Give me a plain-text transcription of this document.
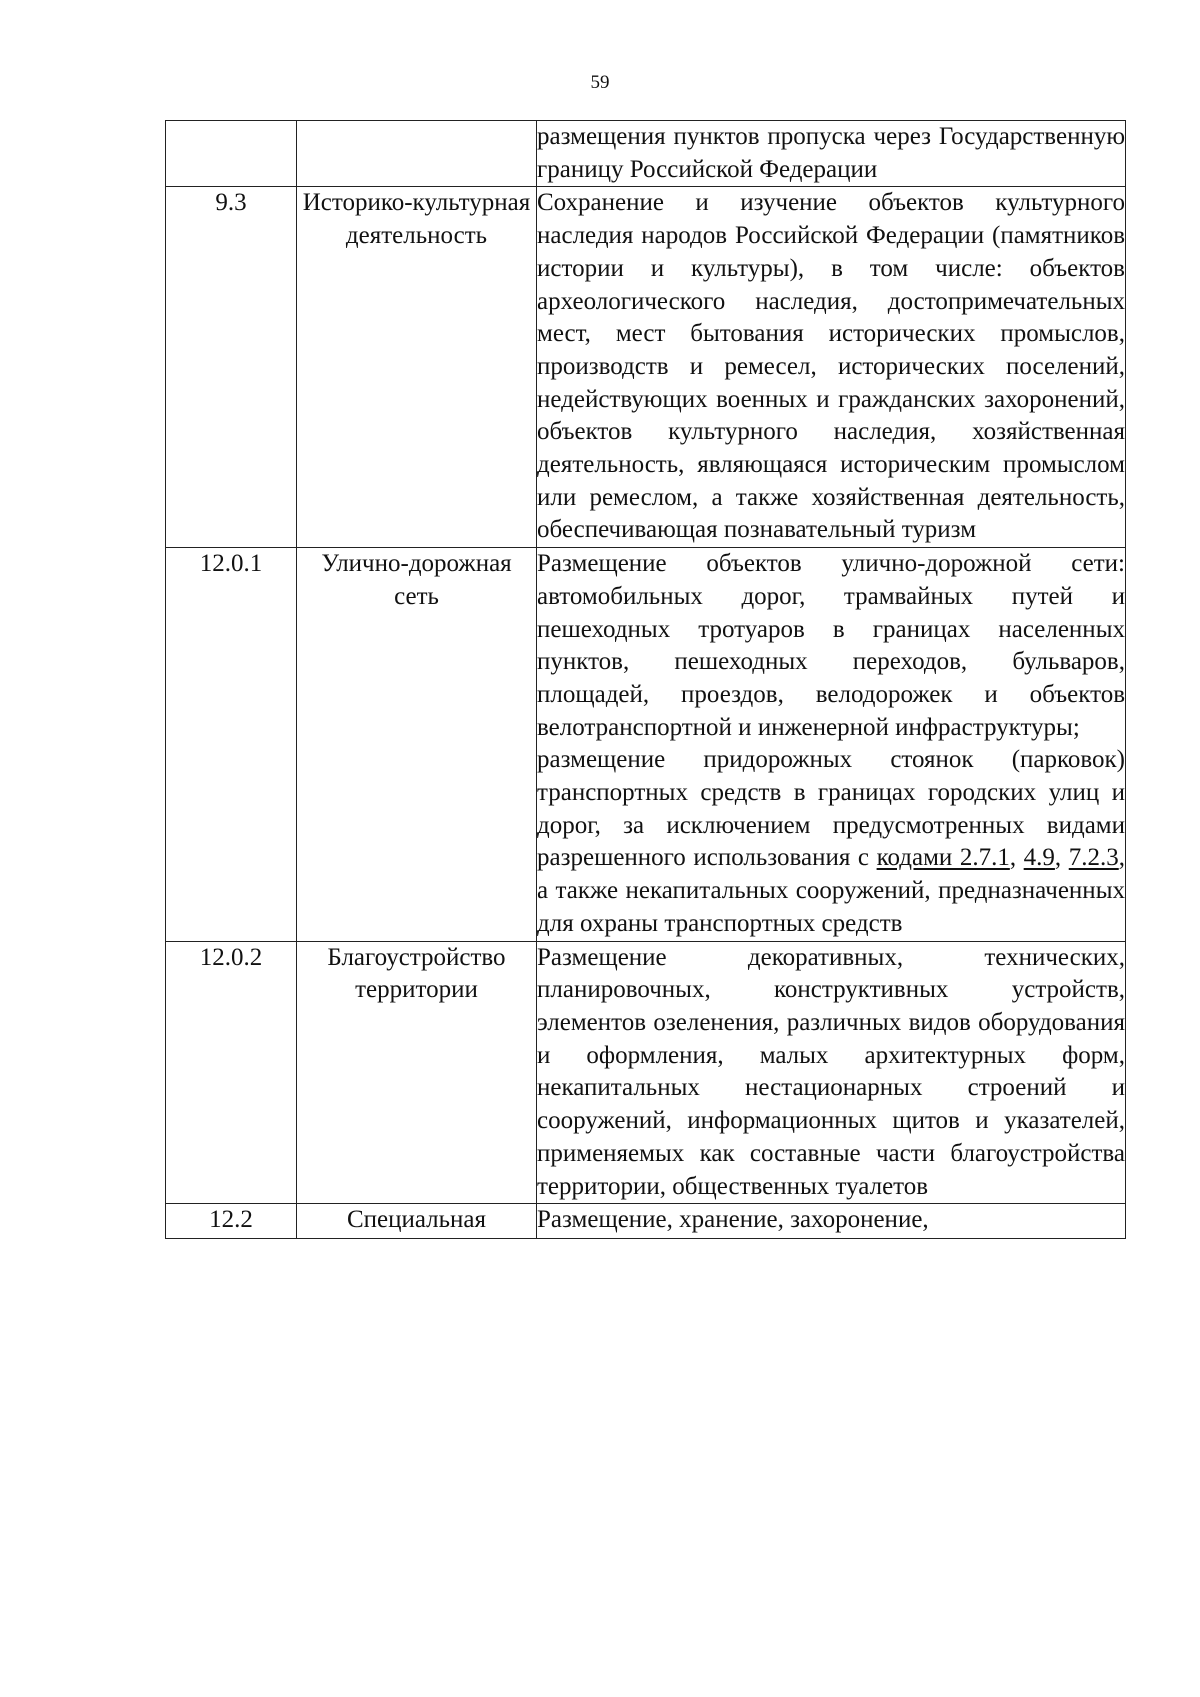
59

		размещения пунктов пропуска через Государственную границу Российской Федерации

9.3	Историко-культурная деятельность	Сохранение и изучение объектов культурного наследия народов Российской Федерации (памятников истории и культуры), в том числе: объектов археологического наследия, достопримечательных мест, мест бытования исторических промыслов, производств и ремесел, исторических поселений, недействующих военных и гражданских захоронений, объектов культурного наследия, хозяйственная деятельность, являющаяся историческим промыслом или ремеслом, а также хозяйственная деятельность, обеспечивающая познавательный туризм

12.0.1	Улично-дорожная сеть	Размещение объектов улично-дорожной сети: автомобильных дорог, трамвайных путей и пешеходных тротуаров в границах населенных пунктов, пешеходных переходов, бульваров, площадей, проездов, велодорожек и объектов велотранспортной и инженерной инфраструктуры;
размещение придорожных стоянок (парковок) транспортных средств в границах городских улиц и дорог, за исключением предусмотренных видами разрешенного использования с кодами 2.7.1, 4.9, 7.2.3, а также некапитальных сооружений, предназначенных для охраны транспортных средств

12.0.2	Благоустройство территории	Размещение декоративных, технических, планировочных, конструктивных устройств, элементов озеленения, различных видов оборудования и оформления, малых архитектурных форм, некапитальных нестационарных строений и сооружений, информационных щитов и указателей, применяемых как составные части благоустройства территории, общественных туалетов

12.2	Специальная	Размещение, хранение, захоронение,
